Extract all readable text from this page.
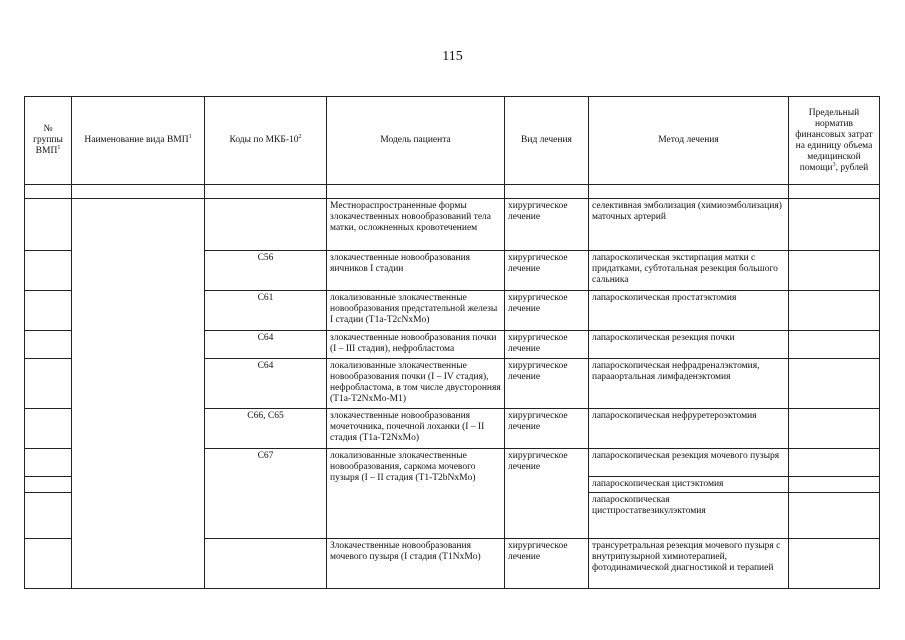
115
№ группы ВМП$^1$	Наименование вида ВМП$^1$	Коды по МКБ-$10^2$	Модель пациента	Вид лечения	Метод лечения	Предельный норматив финансовых затрат на единицу объема медицинской помощи$^3$, рублей

			Местнораспространенные формы злокачественных новообразований тела матки, осложненных кровотечением	хирургическое лечение	селективная эмболизация (химиоэмболизация) маточных артерий	
		C56	злокачественные новообразования яичников I стадии	хирургическое лечение	лапароскопическая экстирпация матки с придатками, субтотальная резекция большого сальника	
		C61	локализованные злокачественные новообразования предстательной железы I стадии (T1a-T2cNxMo)	хирургическое лечение	лапароскопическая простатэктомия	
		C64	злокачественные новообразования почки (I – III стадия), нефробластома	хирургическое лечение	лапароскопическая резекция почки	
		C64	локализованные злокачественные новообразования почки (I – IV стадия), нефробластома, в том числе двусторонняя (T1a-T2NxMo-M1)	хирургическое лечение	лапароскопическая нефрадреналэктомия, парааортальная лимфаденэктомия	
		C66, C65	злокачественные новообразования мочеточника, почечной лоханки (I – II стадия (T1a-T2NxMo)	хирургическое лечение	лапароскопическая нефруретероэктомия	
		C67	локализованные злокачественные новообразования, саркома мочевого пузыря (I – II стадия (T1-T2bNxMo)	хирургическое лечение	лапароскопическая резекция мочевого пузыря	
					лапароскопическая цистэктомия	
					лапароскопическая цистпростатвезикулэктомия	
			Злокачественные новообразования мочевого пузыря (I стадия (T1NxMo)	хирургическое лечение	трансуретральная резекция мочевого пузыря с внутрипузырной химиотерапией, фотодинамической диагностикой и терапией	
